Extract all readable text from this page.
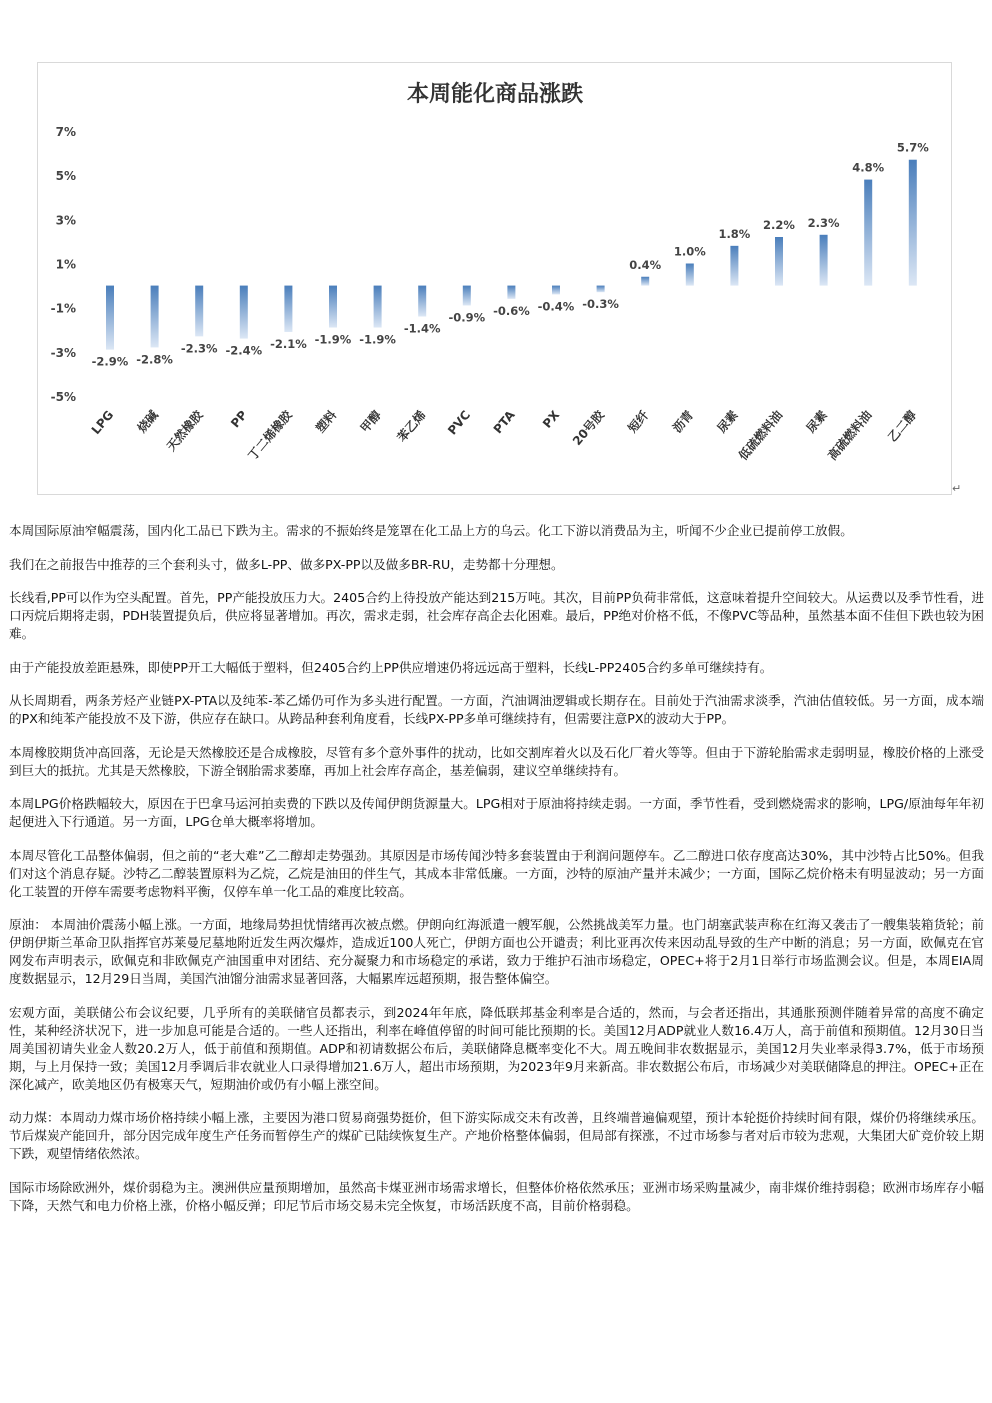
本周能化商品涨跌
7%
5%
3%
1%
-1%
-3%
-5%
-2.9% -2.8%
-2.3% -2.4% -2.1% -1.9% -1.9%
-1.4%
-0.9% -0.6% -0.4% -0.3%
0.4%
1.0%
1.8%
2.2% 2.3%
4.8%
5.7%
LPG 烧碱 天然橡胶 PP
丁二烯橡胶 塑料 甲醇 苯乙烯 PVC PTA PX 20号胶 短纤 沥青 尿素
低硫燃料油 尿素
高硫燃料油 乙二醇
↵

本周国际原油窄幅震荡，国内化工品已下跌为主。需求的不振始终是笼罩在化工品上方的乌云。化工下游以消费品为主，听闻不少企业已提前停工放假。

我们在之前报告中推荐的三个套利头寸，做多L-PP、做多PX-PP以及做多BR-RU，走势都十分理想。

长线看,PP可以作为空头配置。首先，PP产能投放压力大。2405合约上待投放产能达到215万吨。其次，目前PP负荷非常低，这意味着提升空间较大。从运费以及季节性看，进口丙烷后期将走弱，PDH装置提负后，供应将显著增加。再次，需求走弱，社会库存高企去化困难。最后，PP绝对价格不低，不像PVC等品种，虽然基本面不佳但下跌也较为困难。

由于产能投放差距悬殊，即使PP开工大幅低于塑料，但2405合约上PP供应增速仍将远远高于塑料，长线L-PP2405合约多单可继续持有。

从长周期看，两条芳烃产业链PX-PTA以及纯苯-苯乙烯仍可作为多头进行配置。一方面，汽油调油逻辑或长期存在。目前处于汽油需求淡季，汽油估值较低。另一方面，成本端的PX和纯苯产能投放不及下游，供应存在缺口。从跨品种套利角度看，长线PX-PP多单可继续持有，但需要注意PX的波动大于PP。

本周橡胶期货冲高回落，无论是天然橡胶还是合成橡胶，尽管有多个意外事件的扰动，比如交割库着火以及石化厂着火等等。但由于下游轮胎需求走弱明显，橡胶价格的上涨受到巨大的抵抗。尤其是天然橡胶，下游全钢胎需求萎靡，再加上社会库存高企，基差偏弱，建议空单继续持有。

本周LPG价格跌幅较大，原因在于巴拿马运河拍卖费的下跌以及传闻伊朗货源量大。LPG相对于原油将持续走弱。一方面，季节性看，受到燃烧需求的影响，LPG/原油每年年初起便进入下行通道。另一方面，LPG仓单大概率将增加。

本周尽管化工品整体偏弱，但之前的“老大难”乙二醇却走势强劲。其原因是市场传闻沙特多套装置由于利润问题停车。乙二醇进口依存度高达30%，其中沙特占比50%。但我们对这个消息存疑。沙特乙二醇装置原料为乙烷，乙烷是油田的伴生气，其成本非常低廉。一方面，沙特的原油产量并未减少；一方面，国际乙烷价格未有明显波动；另一方面化工装置的开停车需要考虑物料平衡，仅停车单一化工品的难度比较高。

原油： 本周油价震荡小幅上涨。一方面，地缘局势担忧情绪再次被点燃。伊朗向红海派遣一艘军舰，公然挑战美军力量。也门胡塞武装声称在红海又袭击了一艘集装箱货轮；前伊朗伊斯兰革命卫队指挥官苏莱曼尼墓地附近发生两次爆炸，造成近100人死亡，伊朗方面也公开谴责；利比亚再次传来因动乱导致的生产中断的消息；另一方面，欧佩克在官网发布声明表示，欧佩克和非欧佩克产油国重申对团结、充分凝聚力和市场稳定的承诺，致力于维护石油市场稳定，OPEC+将于2月1日举行市场监测会议。但是，本周EIA周度数据显示，12月29日当周，美国汽油馏分油需求显著回落，大幅累库远超预期，报告整体偏空。

宏观方面，美联储公布会议纪要，几乎所有的美联储官员都表示，到2024年年底，降低联邦基金利率是合适的，然而，与会者还指出，其通胀预测伴随着异常的高度不确定性，某种经济状况下，进一步加息可能是合适的。一些人还指出，利率在峰值停留的时间可能比预期的长。美国12月ADP就业人数16.4万人，高于前值和预期值。12月30日当周美国初请失业金人数20.2万人，低于前值和预期值。ADP和初请数据公布后，美联储降息概率变化不大。周五晚间非农数据显示，美国12月失业率录得3.7%，低于市场预期，与上月保持一致；美国12月季调后非农就业人口录得增加21.6万人，超出市场预期，为2023年9月来新高。非农数据公布后，市场减少对美联储降息的押注。OPEC+正在深化减产，欧美地区仍有极寒天气，短期油价或仍有小幅上涨空间。

动力煤：本周动力煤市场价格持续小幅上涨，主要因为港口贸易商强势挺价，但下游实际成交未有改善，且终端普遍偏观望，预计本轮挺价持续时间有限，煤价仍将继续承压。节后煤炭产能回升，部分因完成年度生产任务而暂停生产的煤矿已陆续恢复生产。产地价格整体偏弱，但局部有探涨，不过市场参与者对后市较为悲观，大集团大矿竞价较上期下跌，观望情绪依然浓。

国际市场除欧洲外，煤价弱稳为主。澳洲供应量预期增加，虽然高卡煤亚洲市场需求增长，但整体价格依然承压；亚洲市场采购量减少，南非煤价维持弱稳；欧洲市场库存小幅下降，天然气和电力价格上涨，价格小幅反弹；印尼节后市场交易未完全恢复，市场活跃度不高，目前价格弱稳。
